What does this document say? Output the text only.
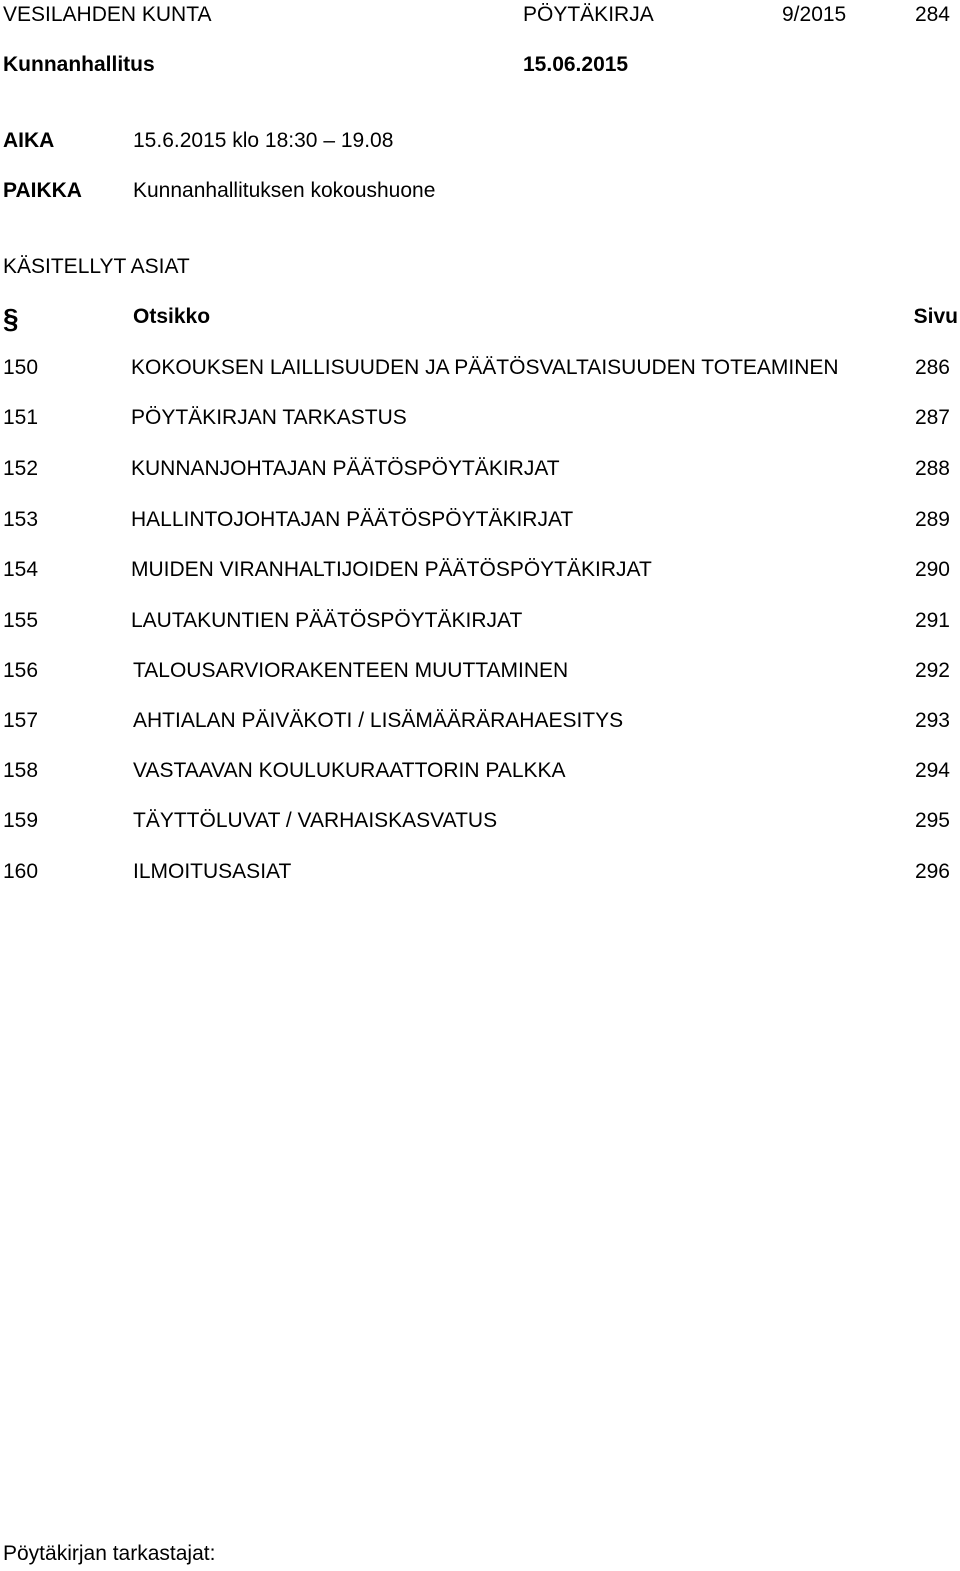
VESILAHDEN KUNTA	PÖYTÄKIRJA	9/2015	284
Kunnanhallitus	15.06.2015
AIKA	15.6.2015 klo 18:30 – 19.08
PAIKKA Kunnanhallituksen kokoushuone
KÄSITELLYT ASIAT
§	Otsikko	Sivu
150	KOKOUKSEN LAILLISUUDEN JA PÄÄTÖSVALTAISUUDEN TOTEAMINEN	286
151	PÖYTÄKIRJAN TARKASTUS	287
152	KUNNANJOHTAJAN PÄÄTÖSPÖYTÄKIRJAT	288
153	HALLINTOJOHTAJAN PÄÄTÖSPÖYTÄKIRJAT	289
154	MUIDEN VIRANHALTIJOIDEN PÄÄTÖSPÖYTÄKIRJAT	290
155	LAUTAKUNTIEN PÄÄTÖSPÖYTÄKIRJAT	291
156	TALOUSARVIORAKENTEEN MUUTTAMINEN	292
157	AHTIALAN PÄIVÄKOTI / LISÄMÄÄRÄRAHAESITYS	293
158	VASTAAVAN KOULUKURAATTORIN PALKKA	294
159	TÄYTTÖLUVAT / VARHAISKASVATUS	295
160	ILMOITUSASIAT	296
Pöytäkirjan tarkastajat:
